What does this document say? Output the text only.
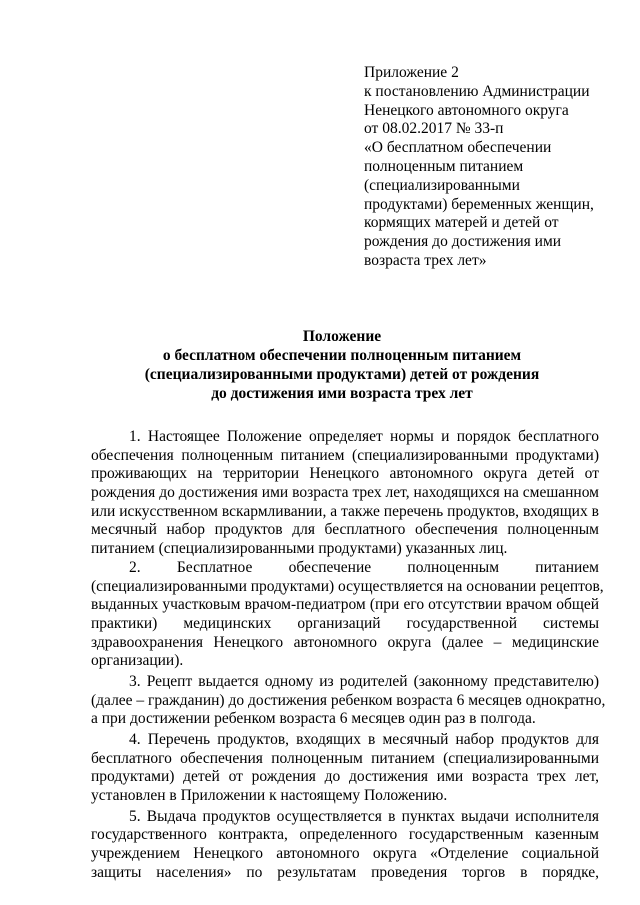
Приложение 2
к постановлению Администрации
Ненецкого автономного округа
от 08.02.2017 № 33-п
«О бесплатном обеспечении
полноценным питанием
(специализированными
продуктами) беременных женщин,
кормящих матерей и детей от
рождения до достижения ими
возраста трех лет»
Положение
о бесплатном обеспечении полноценным питанием
(специализированными продуктами) детей от рождения
до достижения ими возраста трех лет
1. Настоящее Положение определяет нормы и порядок бесплатного
обеспечения полноценным питанием (специализированными продуктами)
проживающих на территории Ненецкого автономного округа детей от
рождения до достижения ими возраста трех лет, находящихся на смешанном
или искусственном вскармливании, а также перечень продуктов, входящих в
месячный набор продуктов для бесплатного обеспечения полноценным
питанием (специализированными продуктами) указанных лиц.
2. Бесплатное обеспечение полноценным питанием
(специализированными продуктами) осуществляется на основании рецептов,
выданных участковым врачом-педиатром (при его отсутствии врачом общей
практики) медицинских организаций государственной системы
здравоохранения Ненецкого автономного округа (далее – медицинские
организации).
3. Рецепт выдается одному из родителей (законному представителю)
(далее – гражданин) до достижения ребенком возраста 6 месяцев однократно,
а при достижении ребенком возраста 6 месяцев один раз в полгода.
4. Перечень продуктов, входящих в месячный набор продуктов для
бесплатного обеспечения полноценным питанием (специализированными
продуктами) детей от рождения до достижения ими возраста трех лет,
установлен в Приложении к настоящему Положению.
5. Выдача продуктов осуществляется в пунктах выдачи исполнителя
государственного контракта, определенного государственным казенным
учреждением Ненецкого автономного округа «Отделение социальной
защиты населения» по результатам проведения торгов в порядке,
